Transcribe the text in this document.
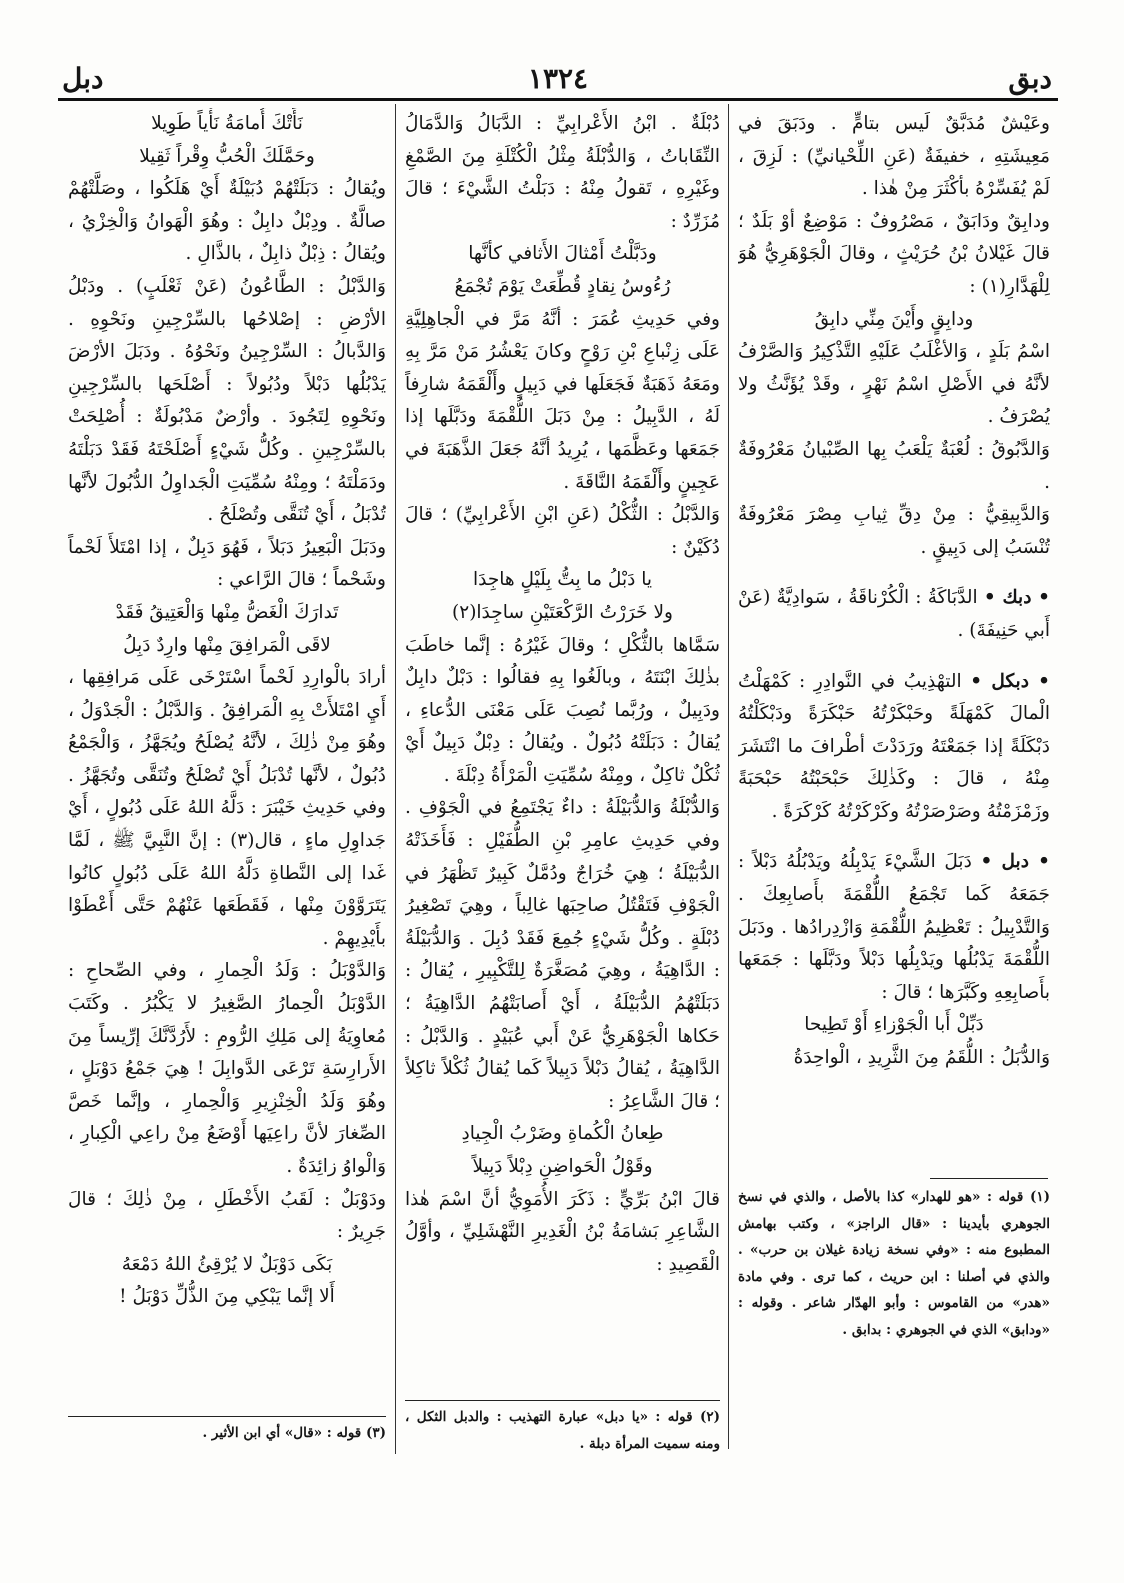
دبل	١٣٢٤	دبق

وعَيْشٌ مُدَبَّقٌ لَيس بتامٍّ . ودَبَقَ في مَعِيشَتِهِ ، خفيفَةٌ (عَنِ اللِّحْيانيِّ) : لَزِقَ ، لَمْ يُفَسِّرْهُ بأكْثَرَ مِنْ هٰذا .

ودابِقٌ ودَابَقٌ ، مَصْرُوفٌ : مَوْضِعٌ أوْ بَلَدٌ ؛ قالَ غَيْلانُ بْنُ حُرَيْثٍ ، وقالَ الْجَوْهَرِيُّ هُوَ لِلْهَدَّارِ(١) :

ودابِقٍ وأَيْنَ مِنِّي دابِقُ

اسْمُ بَلَدٍ ، وَالأغْلَبُ عَلَيْهِ التَّذْكِيرُ وَالصَّرْفُ لأنَّهُ في الأَصْلِ اسْمُ نَهْرٍ ، وقَدْ يُؤَنَّثُ ولا يُصْرَفُ .

وَالدَّبُوقُ : لُعْبَةٌ يَلْعَبُ بِها الصِّبْيانُ مَعْرُوفَةٌ .

وَالدَّبِيقِيُّ : مِنْ دِقِّ ثِيابِ مِصْرَ مَعْرُوفَةٌ تُنْسَبُ إلى دَبِيقٍ .

• دبك • الدَّبَاكَةُ : الْكُرْناقَةُ ، سَوادِيَّةٌ (عَنْ أَبي حَنِيفَةَ) .

• دبكل • التهْذِيبُ في النَّوادِرِ : كَمْهَلْتُ الْمالَ كَمْهَلَةً وحَبْكَرْتُهُ حَبْكَرَةً ودَبْكَلْتُهُ دَبْكَلَةً إذا جَمَعْتَهُ ورَدَدْتَ أطْرافَ ما انْتَشَرَ مِنْهُ ، قالَ : وكَذٰلِكَ حَبْحَبْتُهُ حَبْحَبَةً وزَمْزَمْتُهُ وصَرْصَرْتُهُ وكَرْكَرْتُهُ كَرْكَرَةً .

• دبل • دَبَلَ الشَّيْءَ يَدْبِلُهُ ويَدْبُلُهُ دَبْلاً : جَمَعَهُ كَما تَجْمَعُ اللُّقْمَةَ بأَصابِعِكَ . وَالتَّدْبِيلُ : تَعْظِيمُ اللُّقْمَةِ وَازْدِرادُها . ودَبَلَ اللُّقْمَةَ يَدْبُلُها ويَدْبِلُها دَبْلاً ودَبَّلَها : جَمَعَها بأَصابِعِهِ وكَبَّرَها ؛ قالَ :

دَبِّلْ أَبا الْجَوْزاءِ أَوْ تَطِيحا

وَالدُّبَلُ : اللُّقَمُ مِنَ الثَّرِيدِ ، الْواحِدَةُ

(١) قوله : «هو للهدار» كذا بالأصل ، والذي في نسخ الجوهري بأيدينا : «قال الراجز» ، وكتب بهامش المطبوع منه : «وفي نسخة زيادة غيلان بن حرب» . والذي في أصلنا : ابن حريث ، كما ترى . وفي مادة «هدر» من القاموس : وأبو الهدّار شاعر . وقوله : «ودابق» الذي في الجوهري : بدابق .

دُبْلَةٌ . ابْنُ الأَعْرابِيِّ : الدَّبَالُ وَالدَّمَالُ النِّقَاباتُ ، وَالدُّبْلَةُ مِثْلُ الْكُتْلَةِ مِنَ الصَّمْغِ وغَيْرِهِ ، تَقولُ مِنْهُ : دَبَلْتُ الشَّيْءَ ؛ قالَ مُزَرِّدٌ :

ودَبَّلْتُ أَمْثالَ الأَثافي كأنَّها

رُءُوسُ نِقادٍ قُطِّعَتْ يَوْمَ تُجْمَعُ

وفي حَدِيثِ عُمَرَ : أنَّهُ مَرَّ في الْجاهِلِيَّةِ عَلَى زِنْباعِ بْنِ رَوْحٍ وكانَ يَعْشُرُ مَنْ مَرَّ بِهِ ومَعَهُ ذَهَبَةٌ فَجَعَلَها في دَبِيلٍ وأَلْقَمَهُ شارِفاً لَهُ ، الدَّبِيلُ : مِنْ دَبَلَ اللُّقْمَةَ ودَبَّلَها إذا جَمَعَها وعَظَّمَها ، يُرِيدُ أنَّهُ جَعَلَ الذَّهَبَةَ في عَجِينٍ وأَلْقَمَهُ النَّاقَةَ .

وَالدَّبْلُ : الثُّكْلُ (عَنِ ابْنِ الأَعْرابِيِّ) ؛ قالَ دُكَيْنٌ :

يا دَبْلُ ما بِتُّ بِلَيْلٍ هاجِدَا

ولا خَرَرْتُ الرَّكْعَتَيْنِ ساجِدَا(٢)

سَمَّاها بالثُّكْلِ ؛ وقالَ غَيْرُهُ : إنَّما خاطَبَ بذٰلِكَ ابْنَتَهُ ، وبالَغُوا بِهِ فقالُوا : دَبْلٌ دابِلٌ ودَبِيلٌ ، ورُبَّما نُصِبَ عَلَى مَعْنَى الدُّعاءِ ، يُقالُ : دَبَلَتْهُ دُبُولٌ . ويُقالُ : دِبْلٌ دَبِيلٌ أَيْ ثُكْلٌ ثاكِلٌ ، ومِنْهُ سُمِّيَتِ الْمَرْأَةُ دِبْلَةَ .

وَالدُّبْلَةُ وَالدُّبَيْلَةُ : داءٌ يَجْتَمِعُ في الْجَوْفِ . وفي حَدِيثِ عامِرِ بْنِ الطُّفَيْلِ : فَأَخَذَتْهُ الدُّبَيْلَةُ ؛ هِيَ خُرَاجٌ ودُمَّلٌ كَبِيرٌ تَظْهَرُ في الْجَوْفِ فَتَقْتُلُ صاحِبَها غالِباً ، وهِيَ تَصْغِيرُ دُبْلَةٍ . وكُلُّ شَيْءٍ جُمِعَ فَقَدْ دُبِلَ . وَالدُّبَيْلَةُ : الدَّاهِيَةُ ، وهِيَ مُصَغَّرَةٌ لِلتَّكْبِيرِ ، يُقالُ : دَبَلَتْهُمُ الدُّبَيْلَةُ ، أَيْ أَصابَتْهُمُ الدَّاهِيَةُ ؛ حَكاها الْجَوْهَرِيُّ عَنْ أَبي عُبَيْدٍ . وَالدَّبْلُ : الدَّاهِيَةُ ، يُقالُ دَبْلاً دَبِيلاً كَما يُقالُ ثُكْلاً ثاكِلاً ؛ قالَ الشَّاعِرُ :

طِعانُ الْكُماةِ وضَرْبُ الْجِيادِ

وقَوْلُ الْحَواضِنِ دِبْلاً دَبِيلاً

قالَ ابْنُ بَرِّيٍّ : ذَكَرَ الأُمَوِيُّ أنَّ اسْمَ هٰذا الشَّاعِرِ بَشامَةُ بْنُ الْغَدِيرِ النَّهْشَلِيِّ ، وأوَّلُ الْقَصِيدِ :

(٢) قوله : «يا دبل» عبارة التهذيب : والدبل الثكل ، ومنه سميت المرأة دبلة .

نَأَتْكَ أُمامَةُ نَأْياً طَوِيلا

وحَمَّلَكَ الْحُبُّ وِقْراً ثَقِيلا

ويُقالُ : دَبَلَتْهُمْ دُبَيْلَةٌ أَيْ هَلَكُوا ، وصَلَّتْهُمْ صالَّةٌ . ودِبْلٌ دابِلٌ : وهُوَ الْهَوانُ وَالْخِزْيُ ، ويُقالُ : ذِبْلٌ ذابِلٌ ، بالذَّالِ .

وَالدَّبْلُ : الطَّاعُونُ (عَنْ ثَعْلَبٍ) . ودَبْلُ الأرْضِ : إصْلاحُها بالسِّرْجِينِ ونَحْوِهِ . وَالدَّبالُ : السِّرْجِينُ ونَحْوُهُ . ودَبَلَ الأرْضَ يَدْبُلُها دَبْلاً ودُبُولاً : أَصْلَحَها بالسِّرْجِينِ ونَحْوِهِ لِتَجُودَ . وأرْضٌ مَدْبُولَةٌ : أُصْلِحَتْ بالسِّرْجِينِ . وكُلُّ شَيْءٍ أَصْلَحْتَهُ فَقَدْ دَبَلْتَهُ ودَمَلْتَهُ ؛ ومِنْهُ سُمِّيَتِ الْجَداوِلُ الدُّبُولَ لأنَّها تُدْبَلُ ، أَيْ تُنَقَّى وتُصْلَحُ .

ودَبَلَ الْبَعِيرُ دَبَلاً ، فَهُوَ دَبِلٌ ، إذا امْتَلأَ لَحْماً وشَحْماً ؛ قالَ الرَّاعي :

تَدارَكَ الْغَضُّ مِنْها وَالْعَتِيقُ فَقَدْ

لاقَى الْمَرافِقَ مِنْها وارِدٌ دَبِلُ

أرادَ بالْوارِدِ لَحْماً اسْتَرْخَى عَلَى مَرافِقِها ، أَيِ امْتَلأَتْ بِهِ الْمَرافِقُ . وَالدَّبْلُ : الْجَدْوَلُ ، وهُوَ مِنْ ذٰلِكَ ، لأنَّهُ يُصْلَحُ ويُجَهَّزُ ، وَالْجَمْعُ دُبُولٌ ، لأنَّها تُدْبَلُ أَيْ تُصْلَحُ وتُنَقَّى وتُجَهَّزُ . وفي حَدِيثِ خَيْبَرَ : دَلَّهُ اللهُ عَلَى دُبُولٍ ، أَيْ جَداوِلِ ماءٍ ، قال(٣) : إنَّ النَّبِيَّ ﷺ ، لَمَّا غَدا إلى النَّطاةِ دَلَّهُ اللهُ عَلَى دُبُولٍ كانُوا يَتَرَوَّوْنَ مِنْها ، فَقَطَعَها عَنْهُمْ حَتَّى أَعْطَوْا بأَيْدِيهِمْ .

وَالدَّوْبَلُ : وَلَدُ الْحِمارِ ، وفي الصِّحاحِ : الدَّوْبَلُ الْحِمارُ الصَّغِيرُ لا يَكْبُرُ . وكَتَبَ مُعاوِيَةُ إلى مَلِكِ الرُّومِ : لأَرُدَّنَّكَ إرِّيساً مِنَ الأَرارِسَةِ تَرْعَى الدَّوابِلَ ! هِيَ جَمْعُ دَوْبَلٍ ، وهُوَ وَلَدُ الْخِنْزِيرِ وَالْحِمارِ ، وإنَّما خَصَّ الصِّغارَ لأنَّ راعِيَها أَوْضَعُ مِنْ راعِي الْكِبارِ ، وَالْواوُ زائِدَةٌ .

ودَوْبَلٌ : لَقَبُ الأَخْطَلِ ، مِنْ ذٰلِكَ ؛ قالَ جَرِيرٌ :

بَكَى دَوْبَلٌ لا يُرْقِئُ اللهُ دَمْعَهُ

أَلا إنَّما يَبْكِي مِنَ الذُّلِّ دَوْبَلُ !

(٣) قوله : «قال» أي ابن الأثير .
